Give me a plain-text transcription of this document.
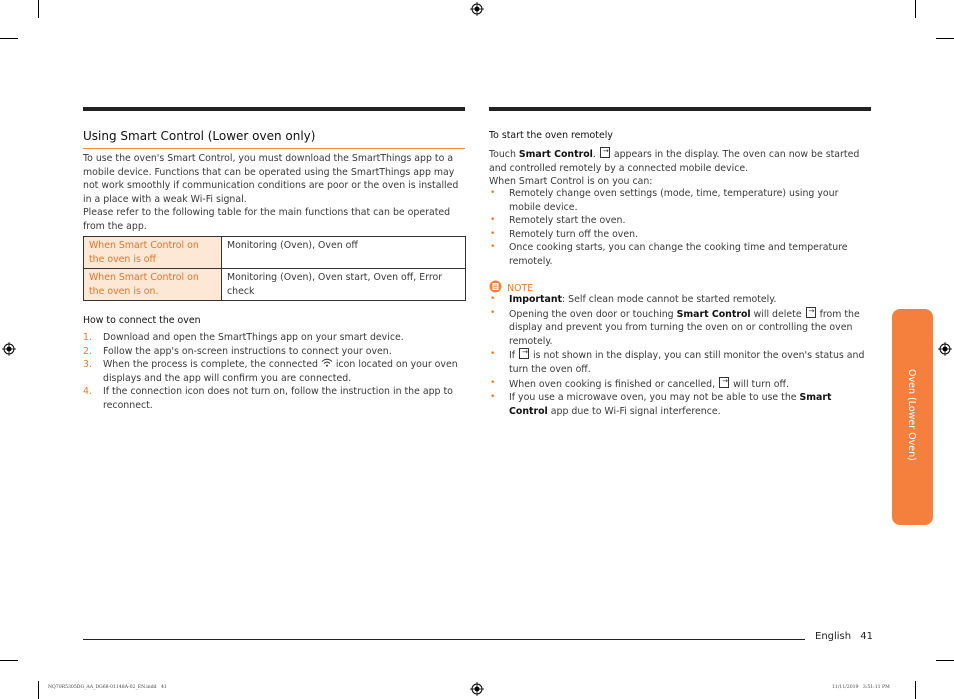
Using Smart Control (Lower oven only)
To use the oven's Smart Control, you must download the SmartThings app to a mobile device. Functions that can be operated using the SmartThings app may not work smoothly if communication conditions are poor or the oven is installed in a place with a weak Wi-Fi signal.
Please refer to the following table for the main functions that can be operated from the app.
When Smart Control on the oven is off	Monitoring (Oven), Oven off
When Smart Control on the oven is on.	Monitoring (Oven), Oven start, Oven off, Error check
How to connect the oven
1. Download and open the SmartThings app on your smart device.
2. Follow the app's on-screen instructions to connect your oven.
3. When the process is complete, the connected icon located on your oven displays and the app will confirm you are connected.
4. If the connection icon does not turn on, follow the instruction in the app to reconnect.
To start the oven remotely
Touch Smart Control. → appears in the display. The oven can now be started and controlled remotely by a connected mobile device.
When Smart Control is on you can:
• Remotely change oven settings (mode, time, temperature) using your mobile device.
• Remotely start the oven.
• Remotely turn off the oven.
• Once cooking starts, you can change the cooking time and temperature remotely.
NOTE
• Important: Self clean mode cannot be started remotely.
• Opening the oven door or touching Smart Control will delete → from the display and prevent you from turning the oven on or controlling the oven remotely.
• If → is not shown in the display, you can still monitor the oven's status and turn the oven off.
• When oven cooking is finished or cancelled, → will turn off.
• If you use a microwave oven, you may not be able to use the Smart Control app due to Wi-Fi signal interference.	Oven (Lower Oven)
English 41
NQ70R5305DG_AA_DG68-01148A-02_EN.indd   41	11/11/2019   3:51:11 PM
